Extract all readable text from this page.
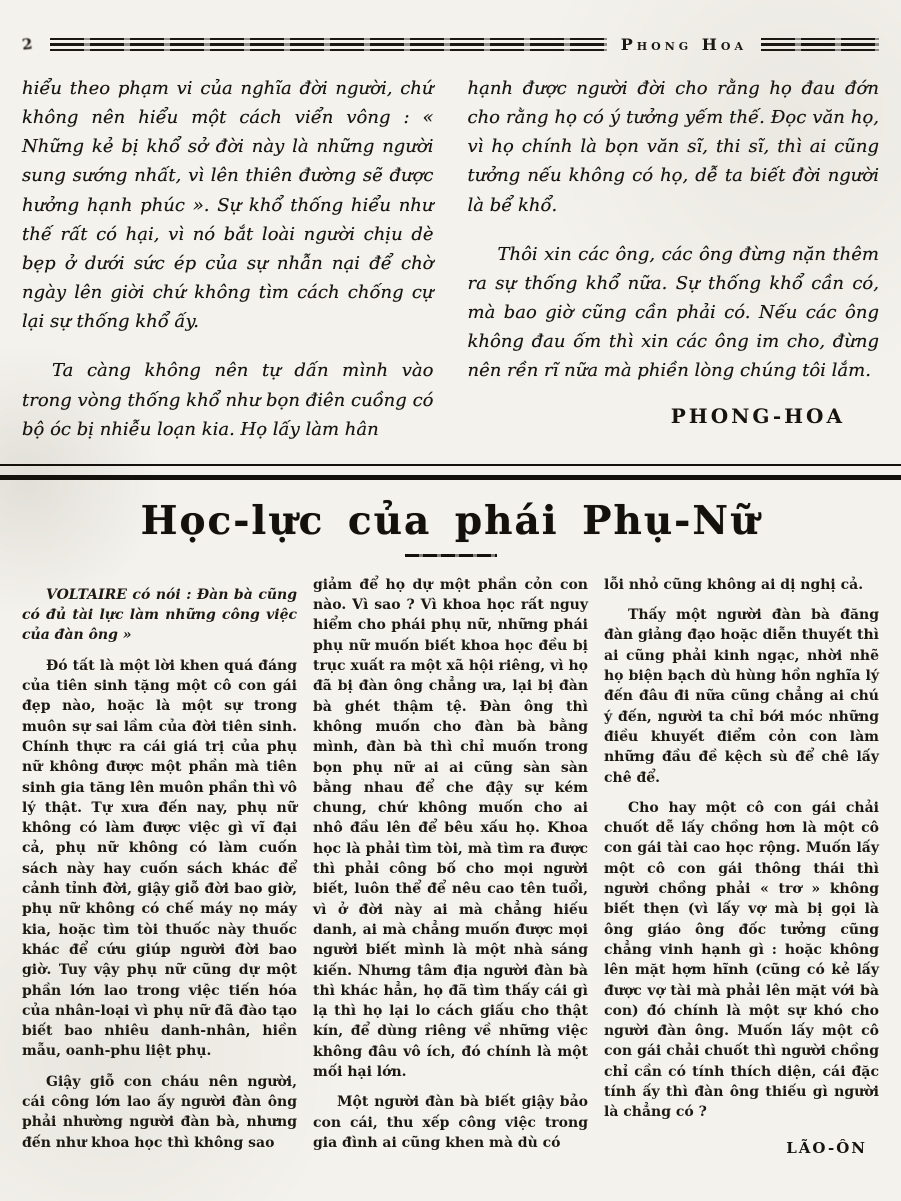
2	Phong Hoa

hiểu theo phạm vi của nghĩa đời người, chứ không nên hiểu một cách viển vông : « Những kẻ bị khổ sở đời này là những người sung sướng nhất, vì lên thiên đường sẽ được hưởng hạnh phúc ». Sự khổ thống hiểu như thế rất có hại, vì nó bắt loài người chịu dè bẹp ở dưới sức ép của sự nhẫn nại để chờ ngày lên giời chứ không tìm cách chống cự lại sự thống khổ ấy.

Ta càng không nên tự dấn mình vào trong vòng thống khổ như bọn điên cuồng có bộ óc bị nhiễu loạn kia. Họ lấy làm hân

hạnh được người đời cho rằng họ đau đớn cho rằng họ có ý tưởng yếm thế. Đọc văn họ, vì họ chính là bọn văn sĩ, thi sĩ, thì ai cũng tưởng nếu không có họ, dễ ta biết đời người là bể khổ.

Thôi xin các ông, các ông đừng nặn thêm ra sự thống khổ nữa. Sự thống khổ cần có, mà bao giờ cũng cần phải có. Nếu các ông không đau ốm thì xin các ông im cho, đừng nên rền rĩ nữa mà phiền lòng chúng tôi lắm.

PHONG-HOA
Học-lực của phái Phụ-Nữ

VOLTAIRE có nói : Đàn bà cũng có đủ tài lực làm những công việc của đàn ông »

Đó tất là một lời khen quá đáng của tiên sinh tặng một cô con gái đẹp nào, hoặc là một sự trong muôn sự sai lầm của đời tiên sinh. Chính thực ra cái giá trị của phụ nữ không được một phần mà tiên sinh gia tăng lên muôn phần thì vô lý thật. Tự xưa đến nay, phụ nữ không có làm được việc gì vĩ đại cả, phụ nữ không có làm cuốn sách này hay cuốn sách khác để cảnh tỉnh đời, giậy giỗ đời bao giờ, phụ nữ không có chế máy nọ máy kia, hoặc tìm tòi thuốc này thuốc khác để cứu giúp người đời bao giờ. Tuy vậy phụ nữ cũng dự một phần lớn lao trong việc tiến hóa của nhân-loại vì phụ nữ đã đào tạo biết bao nhiêu danh-nhân, hiền mẫu, oanh-phu liệt phụ.

Giậy giỗ con cháu nên người, cái công lớn lao ấy người đàn ông phải nhường người đàn bà, nhưng đến như khoa học thì không sao

giảm để họ dự một phần cỏn con nào. Vì sao ? Vì khoa học rất nguy hiểm cho phái phụ nữ, những phái phụ nữ muốn biết khoa học đều bị trục xuất ra một xã hội riêng, vì họ đã bị đàn ông chẳng ưa, lại bị đàn bà ghét thậm tệ. Đàn ông thì không muốn cho đàn bà bằng mình, đàn bà thì chỉ muốn trong bọn phụ nữ ai ai cũng sàn sàn bằng nhau để che đậy sự kém chung, chứ không muốn cho ai nhô đầu lên để bêu xấu họ. Khoa học là phải tìm tòi, mà tìm ra được thì phải công bố cho mọi người biết, luôn thể để nêu cao tên tuổi, vì ở đời này ai mà chẳng hiếu danh, ai mà chẳng muốn được mọi người biết mình là một nhà sáng kiến. Nhưng tâm địa người đàn bà thì khác hẳn, họ đã tìm thấy cái gì lạ thì họ lại lo cách giấu cho thật kín, để dùng riêng về những việc không đâu vô ích, đó chính là một mối hại lớn.

Một người đàn bà biết giậy bảo con cái, thu xếp công việc trong gia đình ai cũng khen mà dù có

lỗi nhỏ cũng không ai dị nghị cả.

Thấy một người đàn bà đăng đàn giảng đạo hoặc diễn thuyết thì ai cũng phải kinh ngạc, nhời nhẽ họ biện bạch dù hùng hồn nghĩa lý đến đâu đi nữa cũng chẳng ai chú ý đến, người ta chỉ bới móc những điều khuyết điểm cỏn con làm những đầu đề kệch sù để chê lấy chê để.

Cho hay một cô con gái chải chuốt dễ lấy chồng hơn là một cô con gái tài cao học rộng. Muốn lấy một cô con gái thông thái thì người chồng phải « trơ » không biết thẹn (vì lấy vợ mà bị gọi là ông giáo ông đốc tưởng cũng chẳng vinh hạnh gì : hoặc không lên mặt hợm hĩnh (cũng có kẻ lấy được vợ tài mà phải lên mặt với bà con) đó chính là một sự khó cho người đàn ông. Muốn lấy một cô con gái chải chuốt thì người chồng chỉ cần có tính thích diện, cái đặc tính ấy thì đàn ông thiếu gì người là chẳng có ?

LÃO-ÔN
